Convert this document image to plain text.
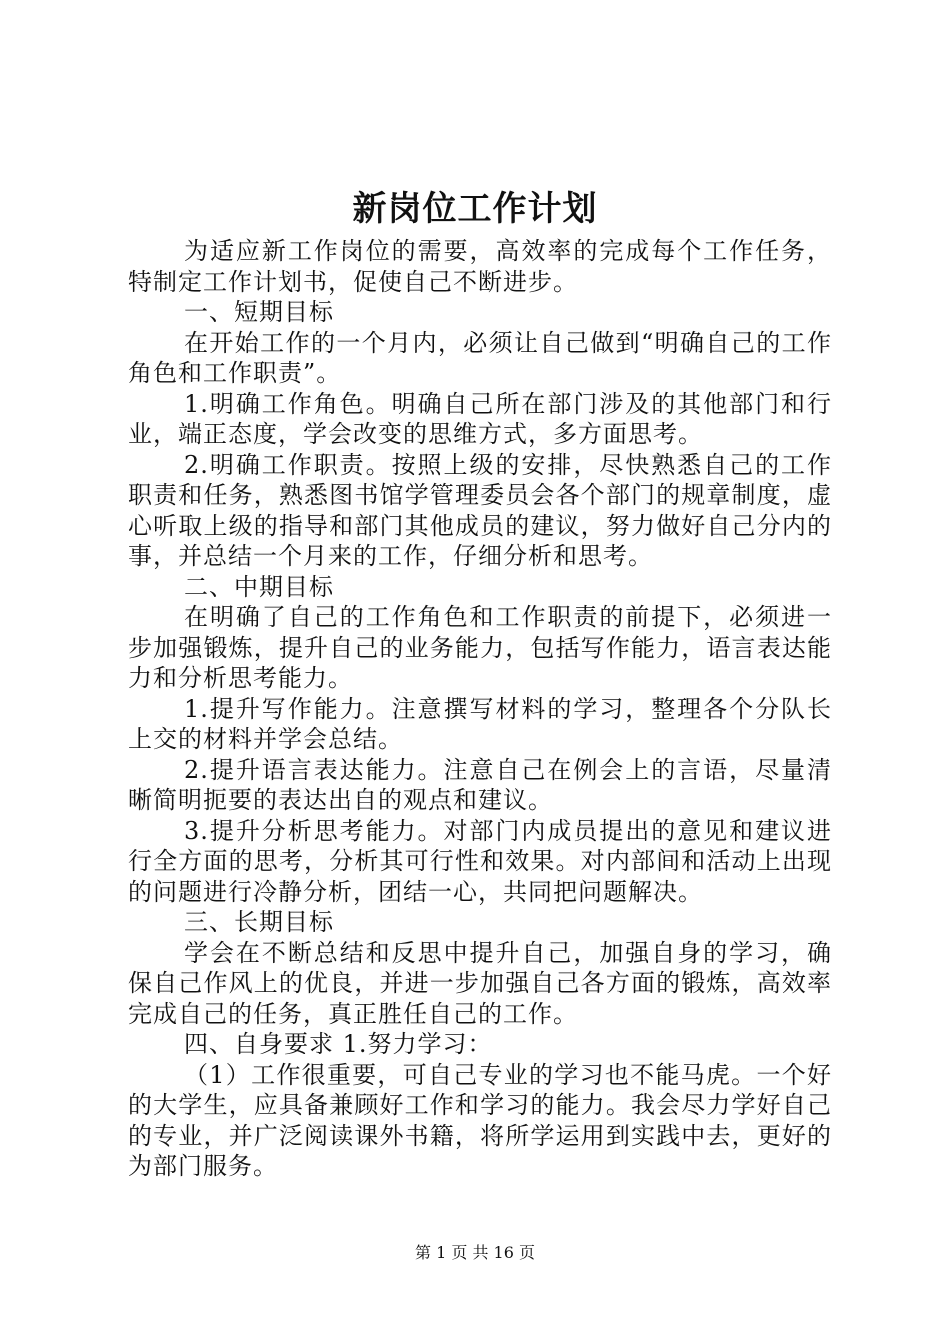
新岗位工作计划

为适应新工作岗位的需要，高效率的完成每个工作任务，特制定工作计划书，促使自己不断进步。

一、短期目标

在开始工作的一个月内，必须让自己做到“明确自己的工作角色和工作职责”。

1.明确工作角色。明确自己所在部门涉及的其他部门和行业，端正态度，学会改变的思维方式，多方面思考。

2.明确工作职责。按照上级的安排，尽快熟悉自己的工作职责和任务，熟悉图书馆学管理委员会各个部门的规章制度，虚心听取上级的指导和部门其他成员的建议，努力做好自己分内的事，并总结一个月来的工作，仔细分析和思考。

二、中期目标

在明确了自己的工作角色和工作职责的前提下，必须进一步加强锻炼，提升自己的业务能力，包括写作能力，语言表达能力和分析思考能力。

1.提升写作能力。注意撰写材料的学习，整理各个分队长上交的材料并学会总结。

2.提升语言表达能力。注意自己在例会上的言语，尽量清晰简明扼要的表达出自的观点和建议。

3.提升分析思考能力。对部门内成员提出的意见和建议进行全方面的思考，分析其可行性和效果。对内部间和活动上出现的问题进行冷静分析，团结一心，共同把问题解决。

三、长期目标

学会在不断总结和反思中提升自己，加强自身的学习，确保自己作风上的优良，并进一步加强自己各方面的锻炼，高效率完成自己的任务，真正胜任自己的工作。

四、自身要求 1.努力学习：

（1）工作很重要，可自己专业的学习也不能马虎。一个好的大学生，应具备兼顾好工作和学习的能力。我会尽力学好自己的专业，并广泛阅读课外书籍，将所学运用到实践中去，更好的为部门服务。

第 1 页 共 16 页
